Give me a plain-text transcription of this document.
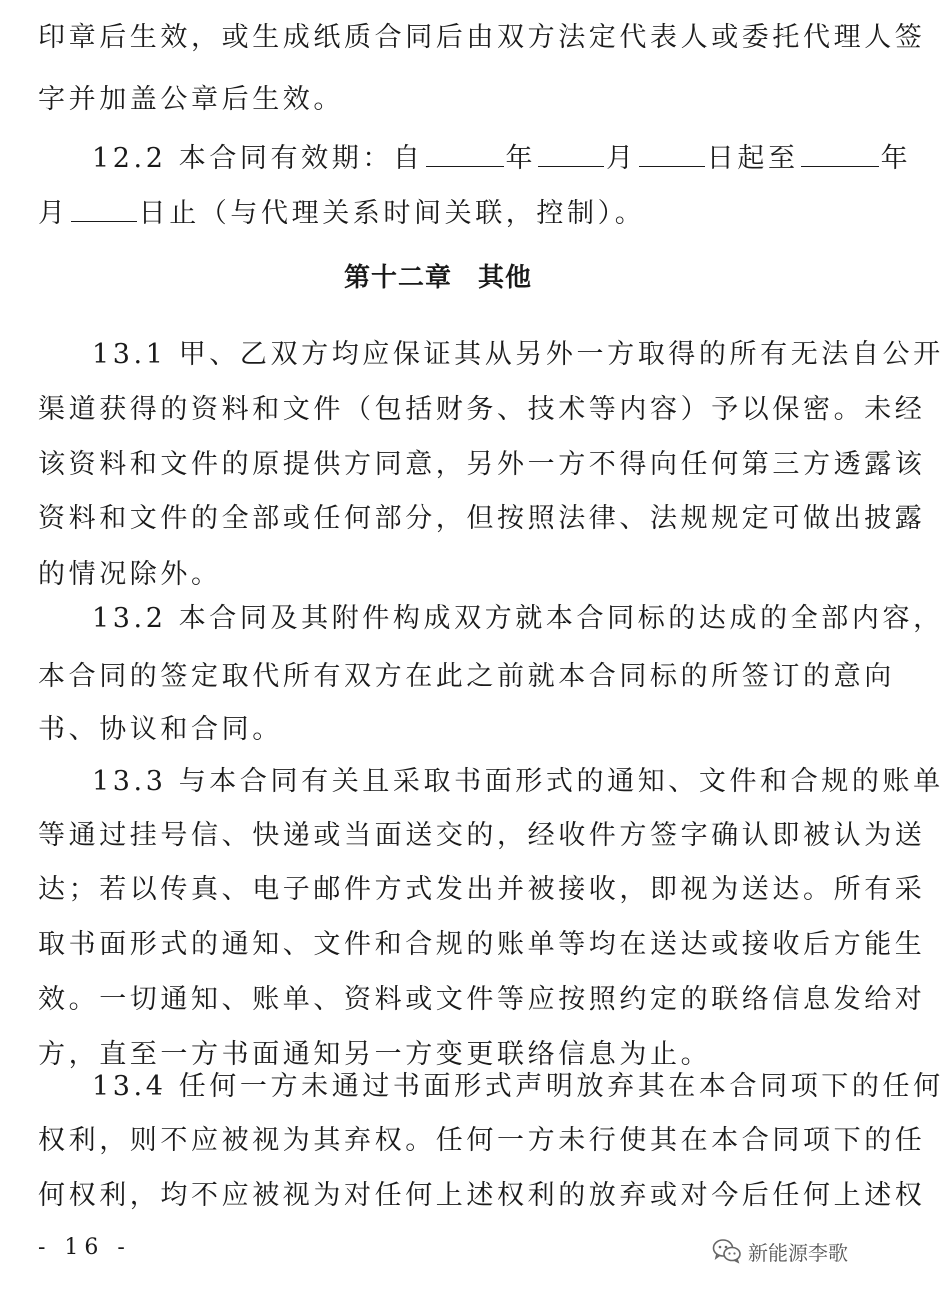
印章后生效，或生成纸质合同后由双方法定代表人或委托代理人签
字并加盖公章后生效。
12.2 本合同有效期：自	年	月	日起至	年
月	日止（与代理关系时间关联，控制）。
第十二章 其他
13.1 甲、乙双方均应保证其从另外一方取得的所有无法自公开
渠道获得的资料和文件（包括财务、技术等内容）予以保密。未经
该资料和文件的原提供方同意，另外一方不得向任何第三方透露该
资料和文件的全部或任何部分，但按照法律、法规规定可做出披露
的情况除外。
13.2 本合同及其附件构成双方就本合同标的达成的全部内容，
本合同的签定取代所有双方在此之前就本合同标的所签订的意向
书、协议和合同。
13.3 与本合同有关且采取书面形式的通知、文件和合规的账单
等通过挂号信、快递或当面送交的，经收件方签字确认即被认为送
达；若以传真、电子邮件方式发出并被接收，即视为送达。所有采
取书面形式的通知、文件和合规的账单等均在送达或接收后方能生
效。一切通知、账单、资料或文件等应按照约定的联络信息发给对
方，直至一方书面通知另一方变更联络信息为止。
13.4 任何一方未通过书面形式声明放弃其在本合同项下的任何
权利，则不应被视为其弃权。任何一方未行使其在本合同项下的任
何权利，均不应被视为对任何上述权利的放弃或对今后任何上述权
- 16 -	新能源李歌
